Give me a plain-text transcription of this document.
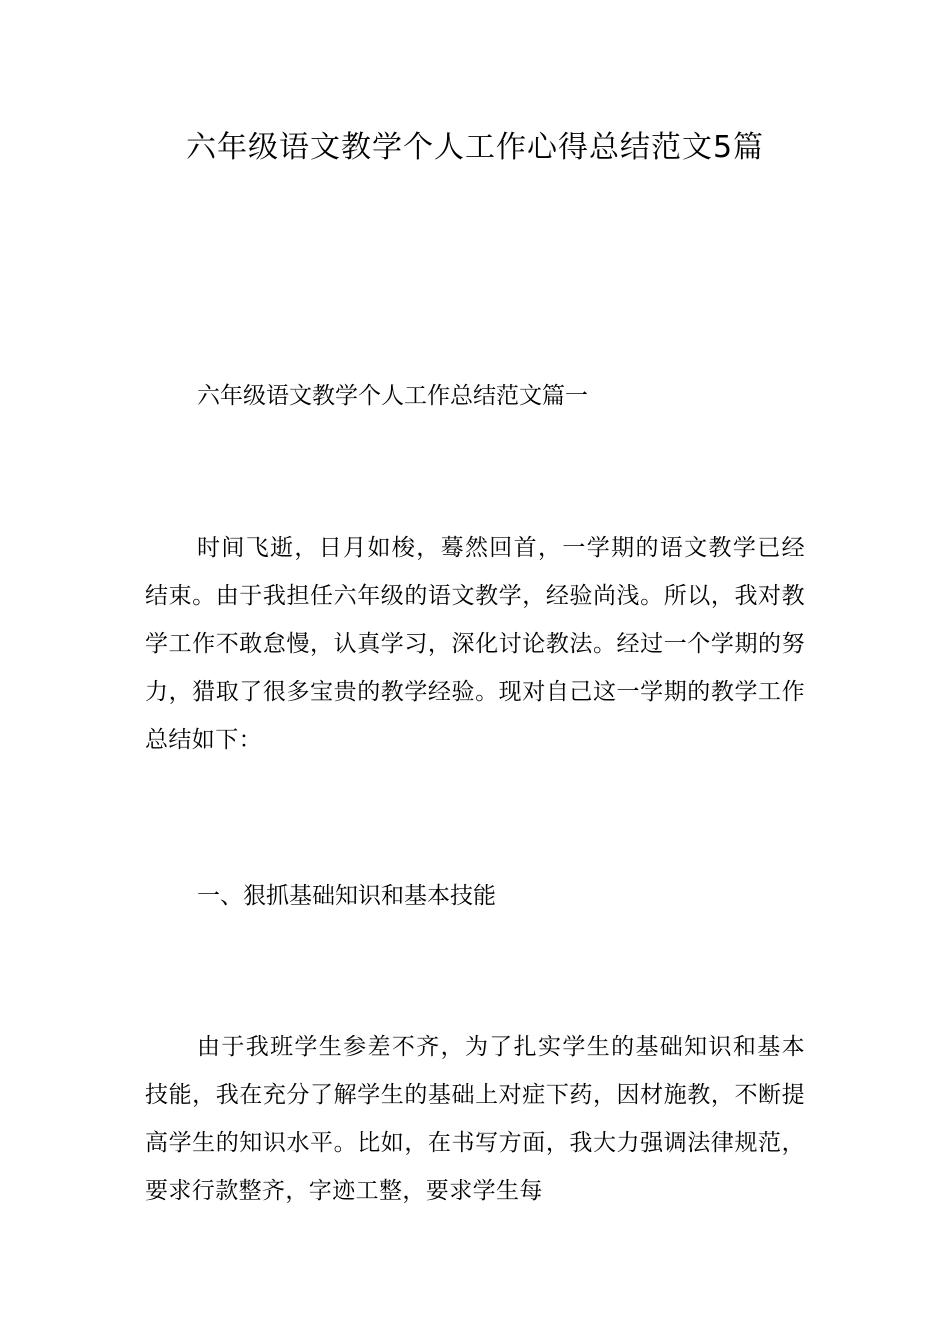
六年级语文教学个人工作心得总结范文5篇
六年级语文教学个人工作总结范文篇一

时间飞逝，日月如梭，蓦然回首，一学期的语文教学已经结束。由于我担任六年级的语文教学，经验尚浅。所以，我对教学工作不敢怠慢，认真学习，深化讨论教法。经过一个学期的努力，猎取了很多宝贵的教学经验。现对自己这一学期的教学工作总结如下：

一、狠抓基础知识和基本技能

由于我班学生参差不齐，为了扎实学生的基础知识和基本技能，我在充分了解学生的基础上对症下药，因材施教，不断提高学生的知识水平。比如，在书写方面，我大力强调法律规范，要求行款整齐，字迹工整，要求学生每
